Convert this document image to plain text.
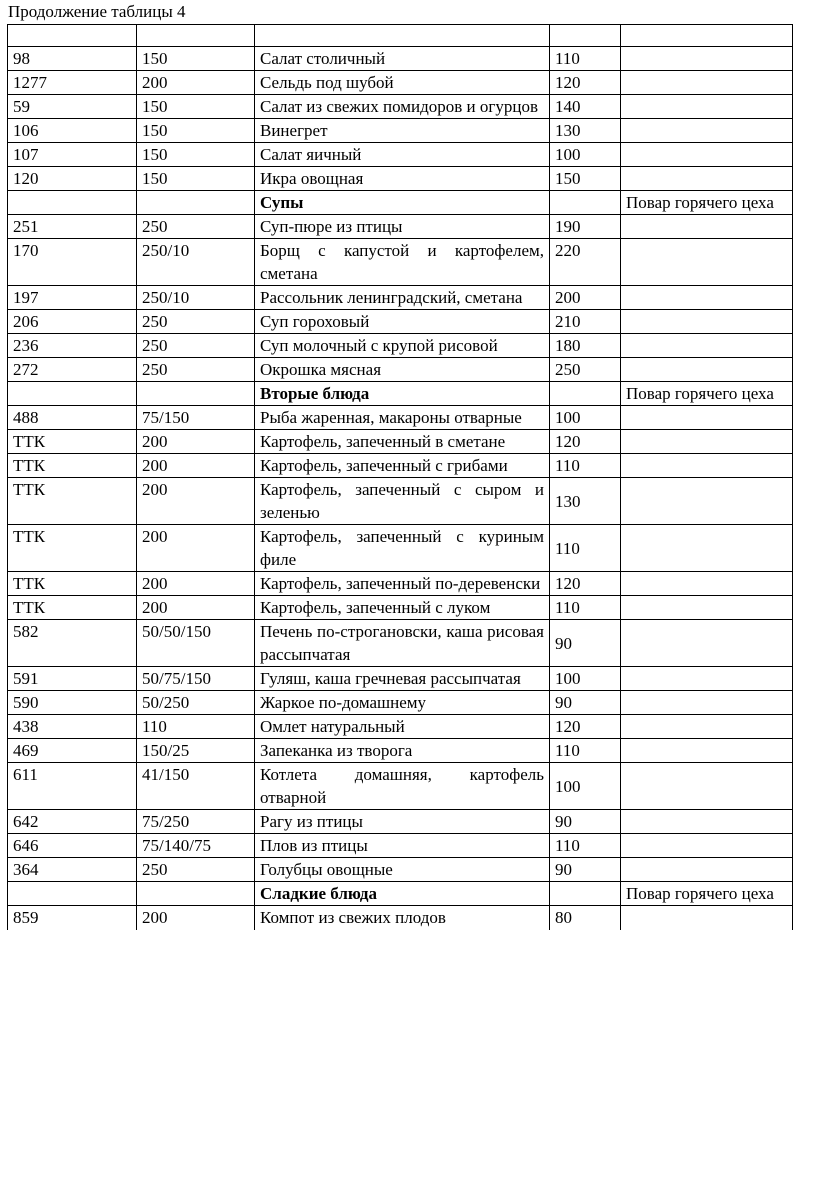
Продолжение таблицы 4

98	150	Салат столичный	110	
1277	200	Сельдь под шубой	120	
59	150	Салат из свежих помидоров и огурцов	140	
106	150	Винегрет	130	
107	150	Салат яичный	100	
120	150	Икра овощная	150	
		Супы		Повар горячего цеха
251	250	Суп-пюре из птицы	190	
170	250/10	Борщ с капустой и картофелем, сметана	220	
197	250/10	Рассольник ленинградский, сметана	200	
206	250	Суп гороховый	210	
236	250	Суп молочный с крупой рисовой	180	
272	250	Окрошка мясная	250	
		Вторые блюда		Повар горячего цеха
488	75/150	Рыба жаренная, макароны отварные	100	
ТТК	200	Картофель, запеченный в сметане	120	
ТТК	200	Картофель, запеченный с грибами	110	
ТТК	200	Картофель, запеченный с сыром и зеленью	130	
ТТК	200	Картофель, запеченный с куриным филе	110	
ТТК	200	Картофель, запеченный по-деревенски	120	
ТТК	200	Картофель, запеченный с луком	110	
582	50/50/150	Печень по-строгановски, каша рисовая рассыпчатая	90	
591	50/75/150	Гуляш, каша гречневая рассыпчатая	100	
590	50/250	Жаркое по-домашнему	90	
438	110	Омлет натуральный	120	
469	150/25	Запеканка из творога	110	
611	41/150	Котлета домашняя, картофель отварной	100	
642	75/250	Рагу из птицы	90	
646	75/140/75	Плов из птицы	110	
364	250	Голубцы овощные	90	
		Сладкие блюда		Повар горячего цеха
859	200	Компот из свежих плодов	80	
